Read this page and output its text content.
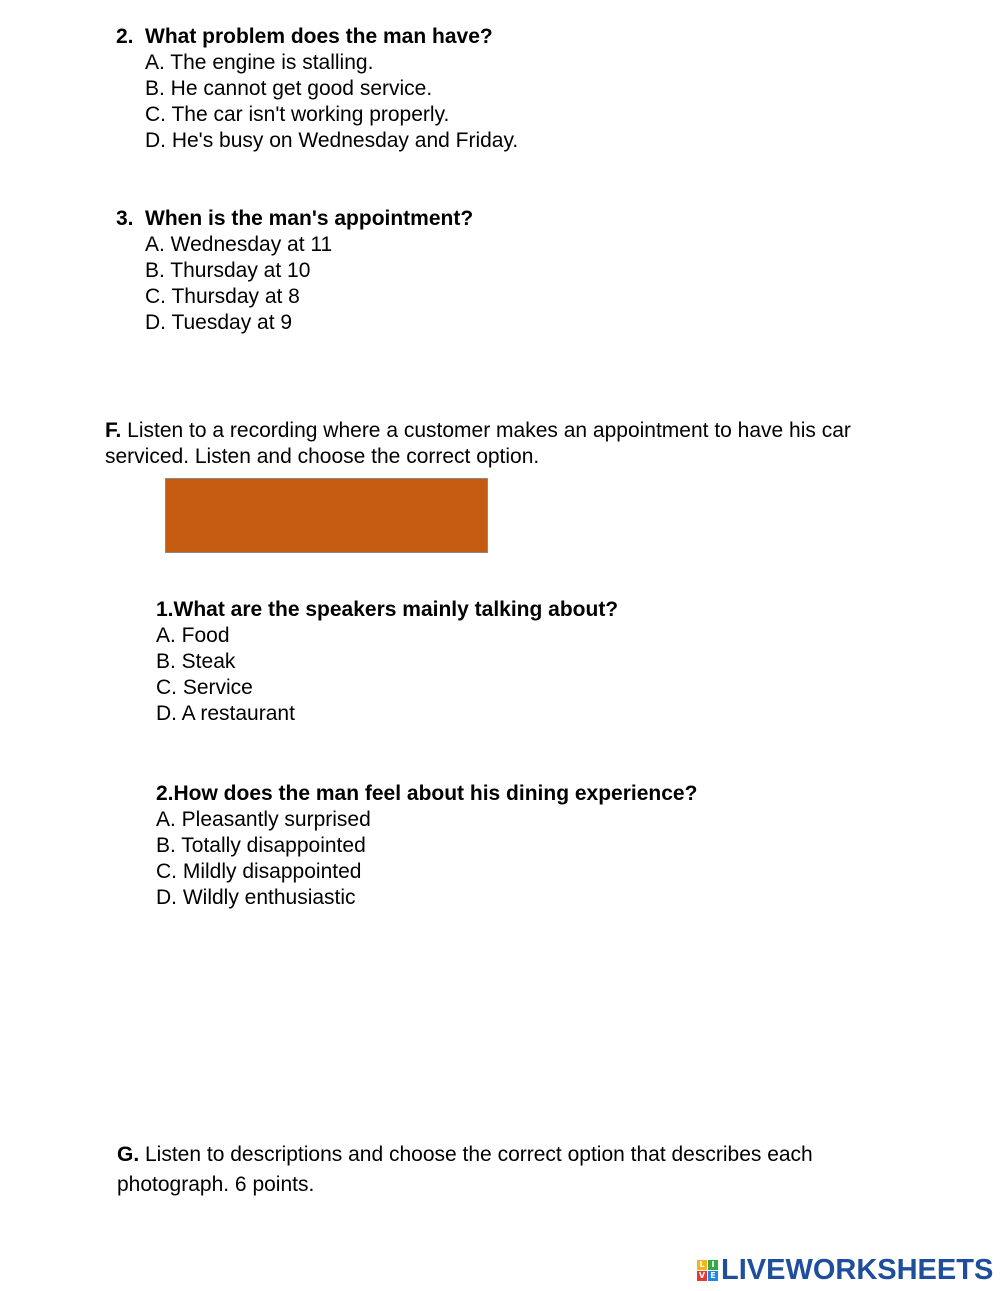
2. What problem does the man have?
A. The engine is stalling.
B. He cannot get good service.
C. The car isn't working properly.
D. He's busy on Wednesday and Friday.
3. When is the man's appointment?
A. Wednesday at 11
B. Thursday at 10
C. Thursday at 8
D. Tuesday at 9
F. Listen to a recording where a customer makes an appointment to have his car
serviced. Listen and choose the correct option.
1.What are the speakers mainly talking about?
A. Food
B. Steak
C. Service
D. A restaurant
2.How does the man feel about his dining experience?
A. Pleasantly surprised
B. Totally disappointed
C. Mildly disappointed
D. Wildly enthusiastic
G. Listen to descriptions and choose the correct option that describes each
photograph. 6 points.
L I
V E LIVEWORKSHEETS
